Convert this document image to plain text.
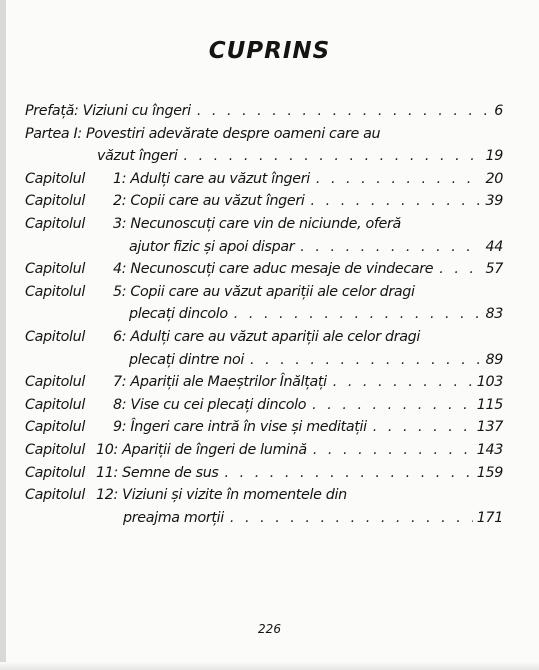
CUPRINS
Prefață: Viziuni cu îngeri . . .	6
Partea I: Povestiri adevărate despre oameni care au
văzut îngeri . . .	19
Capitolul 1: Adulți care au văzut îngeri . . .	20
Capitolul 2: Copii care au văzut îngeri . . .	39
Capitolul 3: Necunoscuți care vin de niciunde, oferă
ajutor fizic și apoi dispar . . .	44
Capitolul 4: Necunoscuți care aduc mesaje de vindecare . . .	57
Capitolul 5: Copii care au văzut apariții ale celor dragi
plecați dincolo . . .	83
Capitolul 6: Adulți care au văzut apariții ale celor dragi
plecați dintre noi . . .	89
Capitolul 7: Apariții ale Maeștrilor Înălțați . . .	103
Capitolul 8: Vise cu cei plecați dincolo . . .	115
Capitolul 9: Îngeri care intră în vise și meditații . . .	137
Capitolul 10: Apariții de îngeri de lumină . . .	143
Capitolul 11: Semne de sus . . .	159
Capitolul 12: Viziuni și vizite în momentele din
preajma morții . . .	171
226
